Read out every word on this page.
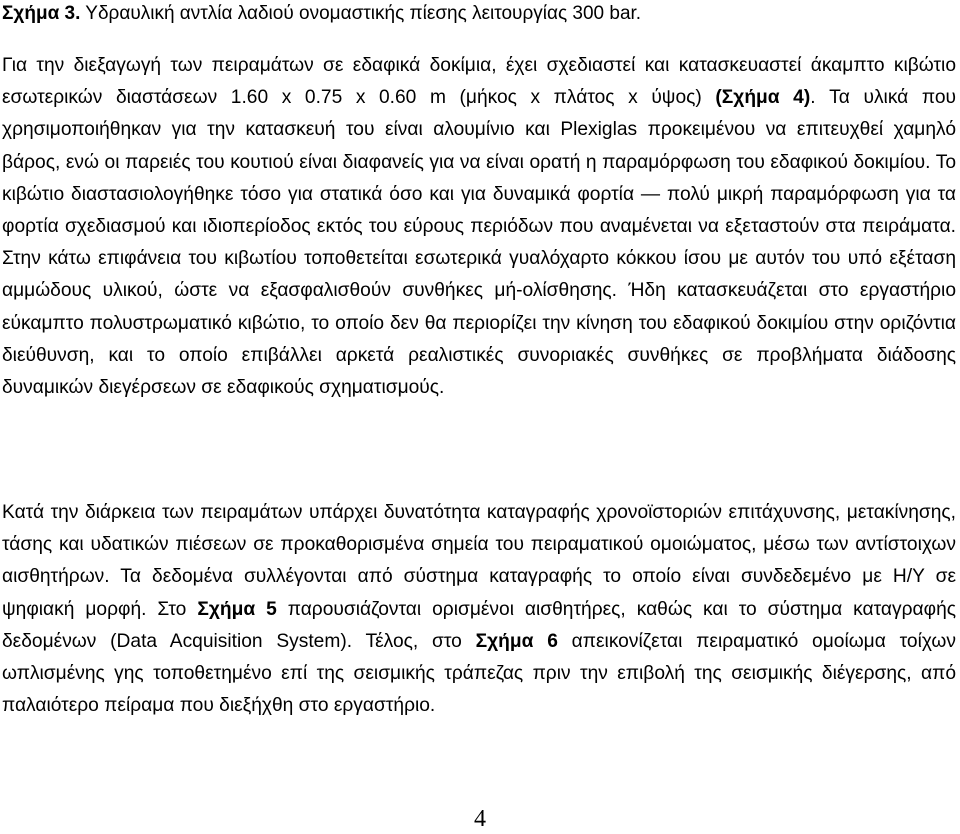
Σχήμα 3. Υδραυλική αντλία λαδιού ονομαστικής πίεσης λειτουργίας 300 bar.

Για την διεξαγωγή των πειραμάτων σε εδαφικά δοκίμια, έχει σχεδιαστεί και κατασκευαστεί άκαμπτο κιβώτιο εσωτερικών διαστάσεων 1.60 x 0.75 x 0.60 m (μήκος x πλάτος x ύψος) (Σχήμα 4). Τα υλικά που χρησιμοποιήθηκαν για την κατασκευή του είναι αλουμίνιο και Plexiglas προκειμένου να επιτευχθεί χαμηλό βάρος, ενώ οι παρειές του κουτιού είναι διαφανείς για να είναι ορατή η παραμόρφωση του εδαφικού δοκιμίου. Το κιβώτιο διαστασιολογήθηκε τόσο για στατικά όσο και για δυναμικά φορτία — πολύ μικρή παραμόρφωση για τα φορτία σχεδιασμού και ιδιοπερίοδος εκτός του εύρους περιόδων που αναμένεται να εξεταστούν στα πειράματα. Στην κάτω επιφάνεια του κιβωτίου τοποθετείται εσωτερικά γυαλόχαρτο κόκκου ίσου με αυτόν του υπό εξέταση αμμώδους υλικού, ώστε να εξασφαλισθούν συνθήκες μή-ολίσθησης. Ήδη κατασκευάζεται στο εργαστήριο εύκαμπτο πολυστρωματικό κιβώτιο, το οποίο δεν θα περιορίζει την κίνηση του εδαφικού δοκιμίου στην οριζόντια διεύθυνση, και το οποίο επιβάλλει αρκετά ρεαλιστικές συνοριακές συνθήκες σε προβλήματα διάδοσης δυναμικών διεγέρσεων σε εδαφικούς σχηματισμούς.

Κατά την διάρκεια των πειραμάτων υπάρχει δυνατότητα καταγραφής χρονοϊστοριών επιτάχυνσης, μετακίνησης, τάσης και υδατικών πιέσεων σε προκαθορισμένα σημεία του πειραματικού ομοιώματος, μέσω των αντίστοιχων αισθητήρων. Τα δεδομένα συλλέγονται από σύστημα καταγραφής το οποίο είναι συνδεδεμένο με Η/Υ σε ψηφιακή μορφή. Στο Σχήμα 5 παρουσιάζονται ορισμένοι αισθητήρες, καθώς και το σύστημα καταγραφής δεδομένων (Data Acquisition System). Τέλος, στο Σχήμα 6 απεικονίζεται πειραματικό ομοίωμα τοίχων ωπλισμένης γης τοποθετημένο επί της σεισμικής τράπεζας πριν την επιβολή της σεισμικής διέγερσης, από παλαιότερο πείραμα που διεξήχθη στο εργαστήριο.

4
